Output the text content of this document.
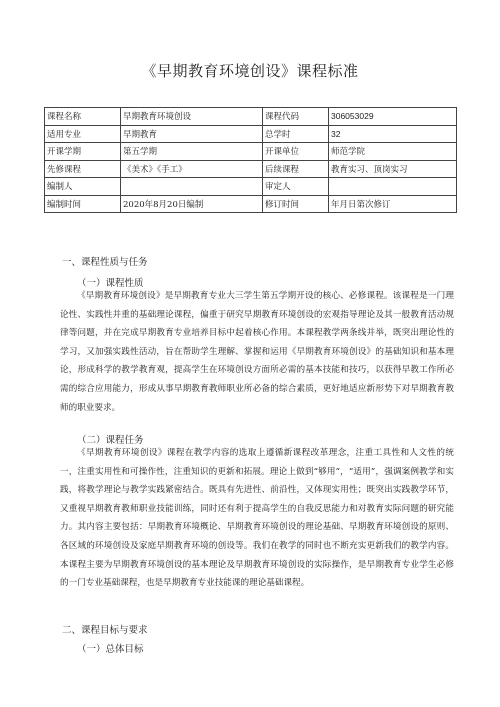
《早期教育环境创设》课程标准
课程名称	早期教育环境创设	课程代码	306053029
适用专业	早期教育	总学时	32
开课学期	第五学期	开课单位	师范学院
先修课程	《美术》《手工》	后续课程	教育实习、顶岗实习
编制人		审定人	
编制时间	2020年8月20日编制	修订时间	年月日第次修订
一、课程性质与任务
（一）课程性质

《早期教育环境创设》是早期教育专业大三学生第五学期开设的核心、必修课程。该课程是一门理论性、实践性并重的基础理论课程，偏重于研究早期教育环境创设的宏观指导理论及其一般教育活动规律等问题，并在完成早期教育专业培养目标中起着核心作用。本课程教学两条线并举，既突出理论性的学习，又加强实践性活动，旨在帮助学生理解、掌握和运用《早期教育环境创设》的基础知识和基本理论，形成科学的教学教育观，提高学生在环境创设方面所必需的基本技能和技巧，以获得早教工作所必需的综合应用能力，形成从事早期教育教师职业所必备的综合素质，更好地适应新形势下对早期教育教师的职业要求。

（二）课程任务

《早期教育环境创设》课程在教学内容的选取上遵循新课程改革理念，注重工具性和人文性的统一，注重实用性和可操作性，注重知识的更新和拓展。理论上做到“够用”，“适用”，强调案例教学和实践，将教学理论与教学实践紧密结合。既具有先进性、前沿性，又体现实用性；既突出实践教学环节，又重视早期教育教师职业技能训练，同时还有利于提高学生的自我反思能力和对教育实际问题的研究能力。其内容主要包括：早期教育环境概论、早期教育环境创设的理论基础、早期教育环境创设的原则、各区域的环境创设及家庭早期教育环境的创设等。我们在教学的同时也不断充实更新我们的教学内容。本课程主要为早期教育环境创设的基本理论及早期教育环境创设的实际操作，是早期教育专业学生必修的一门专业基础课程，也是早期教育专业技能课的理论基础课程。

二、课程目标与要求
（一）总体目标
